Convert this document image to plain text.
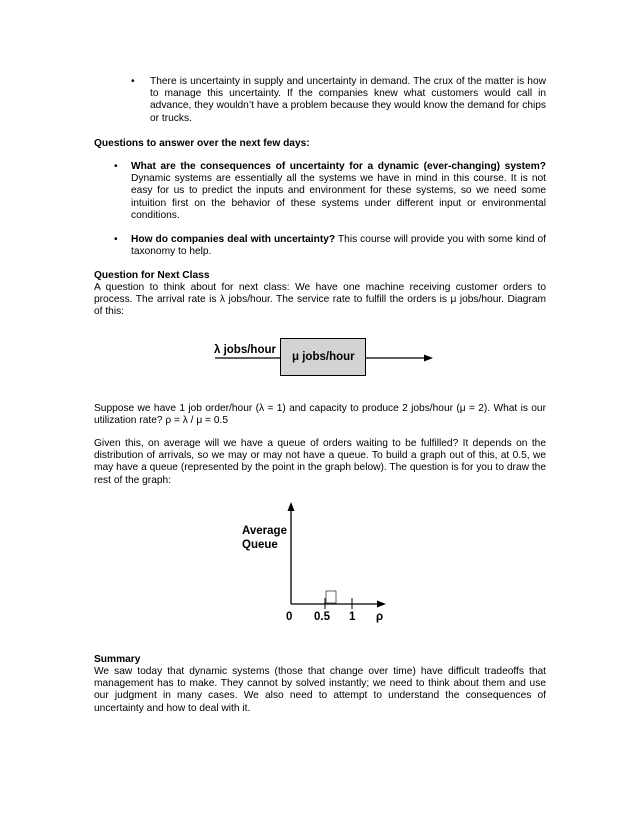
•	There is uncertainty in supply and uncertainty in demand. The crux of the matter is how to manage this uncertainty. If the companies knew what customers would call in advance, they wouldn’t have a problem because they would know the demand for chips or trucks.
Questions to answer over the next few days:
•	What are the consequences of uncertainty for a dynamic (ever-changing) system? Dynamic systems are essentially all the systems we have in mind in this course. It is not easy for us to predict the inputs and environment for these systems, so we need some intuition first on the behavior of these systems under different input or environmental conditions.
•	How do companies deal with uncertainty? This course will provide you with some kind of taxonomy to help.
Question for Next Class
A question to think about for next class: We have one machine receiving customer orders to process. The arrival rate is λ jobs/hour. The service rate to fulfill the orders is μ jobs/hour. Diagram of this:
λ jobs/hour
μ jobs/hour
Suppose we have 1 job order/hour (λ = 1) and capacity to produce 2 jobs/hour (μ = 2). What is our utilization rate? ρ = λ / μ = 0.5
Given this, on average will we have a queue of orders waiting to be fulfilled? It depends on the distribution of arrivals, so we may or may not have a queue. To build a graph out of this, at 0.5, we may have a queue (represented by the point in the graph below). The question is for you to draw the rest of the graph:
Average
Queue
0 0.5 1 ρ
Summary
We saw today that dynamic systems (those that change over time) have difficult tradeoffs that management has to make. They cannot by solved instantly; we need to think about them and use our judgment in many cases. We also need to attempt to understand the consequences of uncertainty and how to deal with it.
